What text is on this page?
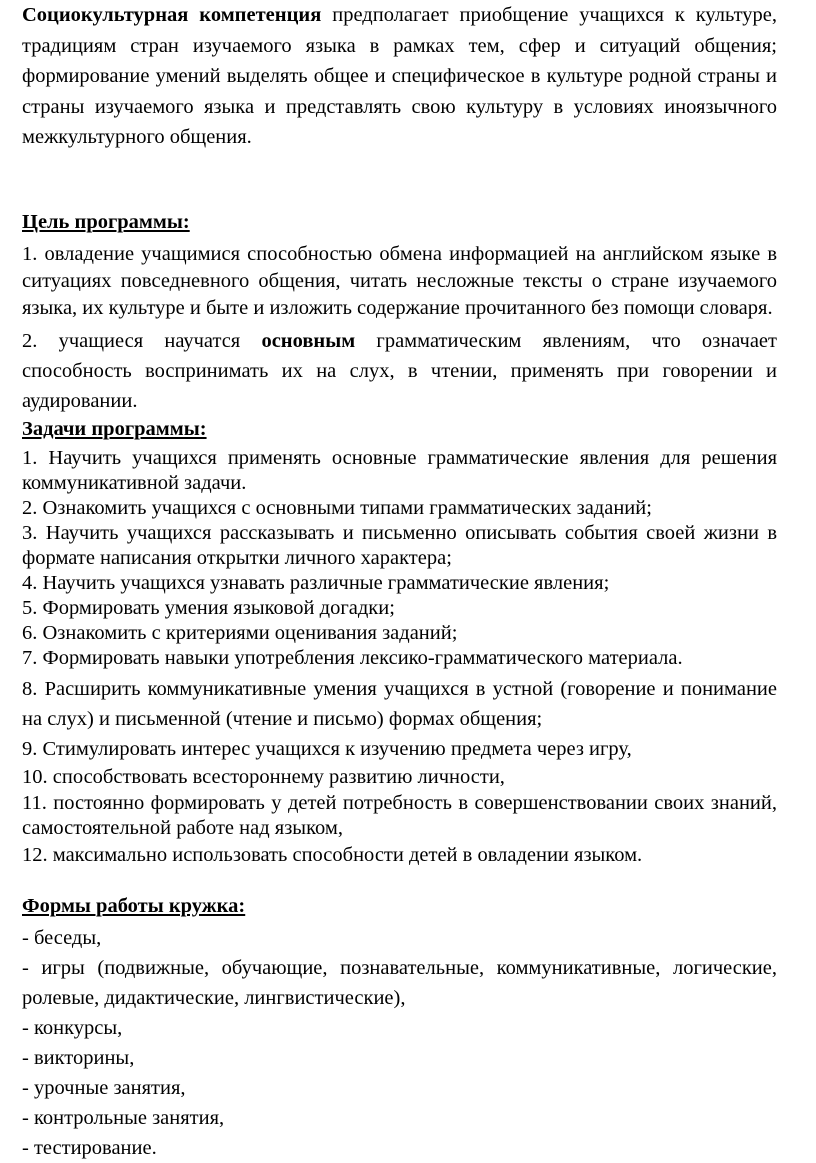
Социокультурная компетенция предполагает приобщение учащихся к культуре, традициям стран изучаемого языка в рамках тем, сфер и ситуаций общения; формирование умений выделять общее и специфическое в культуре родной страны и страны изучаемого языка и представлять свою культуру в условиях иноязычного межкультурного общения.

Цель программы:

1. овладение учащимися способностью обмена информацией на английском языке в ситуациях повседневного общения, читать несложные тексты о стране изучаемого языка, их культуре и быте и изложить содержание прочитанного без помощи словаря.

2. учащиеся научатся основным грамматическим явлениям, что означает способность воспринимать их на слух, в чтении, применять при говорении и аудировании.

Задачи программы:

1. Научить учащихся применять основные грамматические явления для решения коммуникативной задачи.

2. Ознакомить учащихся с основными типами грамматических заданий;

3. Научить учащихся рассказывать и письменно описывать события своей жизни в формате написания открытки личного характера;

4. Научить учащихся узнавать различные грамматические явления;

5. Формировать умения языковой догадки;

6. Ознакомить с критериями оценивания заданий;

7. Формировать навыки употребления лексико-грамматического материала.

8. Расширить коммуникативные умения учащихся в устной (говорение и понимание на слух) и письменной (чтение и письмо) формах общения;

9. Стимулировать интерес учащихся к изучению предмета через игру,

10. способствовать всестороннему развитию личности,

11. постоянно формировать у детей потребность в совершенствовании своих знаний, самостоятельной работе над языком,

12. максимально использовать способности детей в овладении языком.

Формы работы кружка:

- беседы,

- игры (подвижные, обучающие, познавательные, коммуникативные, логические, ролевые, дидактические, лингвистические),

- конкурсы,

- викторины,

- урочные занятия,

- контрольные занятия,

- тестирование.
